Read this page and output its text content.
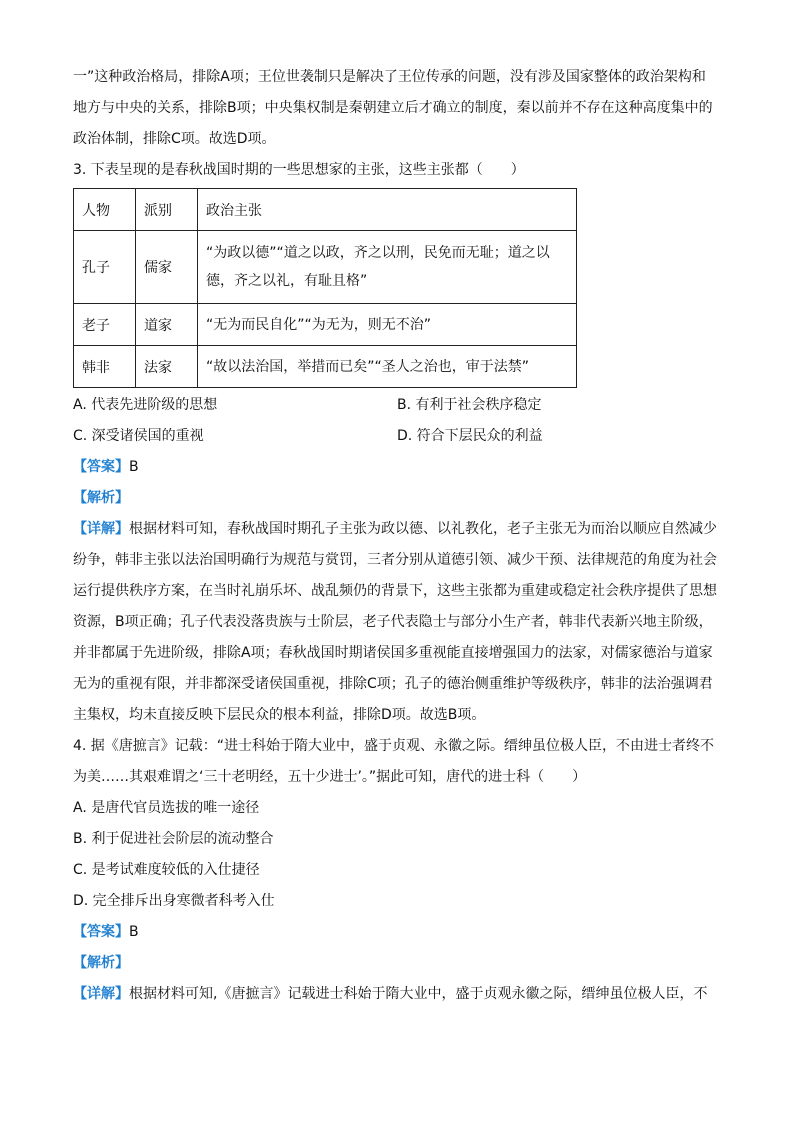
一”这种政治格局，排除A项；王位世袭制只是解决了王位传承的问题，没有涉及国家整体的政治架构和

地方与中央的关系，排除B项；中央集权制是秦朝建立后才确立的制度，秦以前并不存在这种高度集中的

政治体制，排除C项。故选D项。

3. 下表呈现的是春秋战国时期的一些思想家的主张，这些主张都（　　）

人物	派别	政治主张
孔子	儒家	“为政以德”“道之以政，齐之以刑，民免而无耻；道之以
德，齐之以礼，有耻且格”

老子	道家	“无为而民自化”“为无为，则无不治”
韩非	法家	“故以法治国，举措而已矣”“圣人之治也，审于法禁”
A. 代表先进阶级的思想	B. 有利于社会秩序稳定
C. 深受诸侯国的重视	D. 符合下层民众的利益

【答案】B

【解析】

【详解】根据材料可知，春秋战国时期孔子主张为政以德、以礼教化，老子主张无为而治以顺应自然减少

纷争，韩非主张以法治国明确行为规范与赏罚，三者分别从道德引领、减少干预、法律规范的角度为社会

运行提供秩序方案，在当时礼崩乐坏、战乱频仍的背景下，这些主张都为重建或稳定社会秩序提供了思想

资源，B项正确；孔子代表没落贵族与士阶层，老子代表隐士与部分小生产者，韩非代表新兴地主阶级，

并非都属于先进阶级，排除A项；春秋战国时期诸侯国多重视能直接增强国力的法家，对儒家德治与道家

无为的重视有限，并非都深受诸侯国重视，排除C项；孔子的德治侧重维护等级秩序，韩非的法治强调君

主集权，均未直接反映下层民众的根本利益，排除D项。故选B项。

4. 据《唐摭言》记载：“进士科始于隋大业中，盛于贞观、永徽之际。缙绅虽位极人臣，不由进士者终不

为美……其艰难谓之‘三十老明经，五十少进士’。”据此可知，唐代的进士科（　　）

A. 是唐代官员选拔的唯一途径
B. 利于促进社会阶层的流动整合
C. 是考试难度较低的入仕捷径
D. 完全排斥出身寒微者科考入仕

【答案】B

【解析】

【详解】根据材料可知,《唐摭言》记载进士科始于隋大业中，盛于贞观永徽之际，缙绅虽位极人臣，不
